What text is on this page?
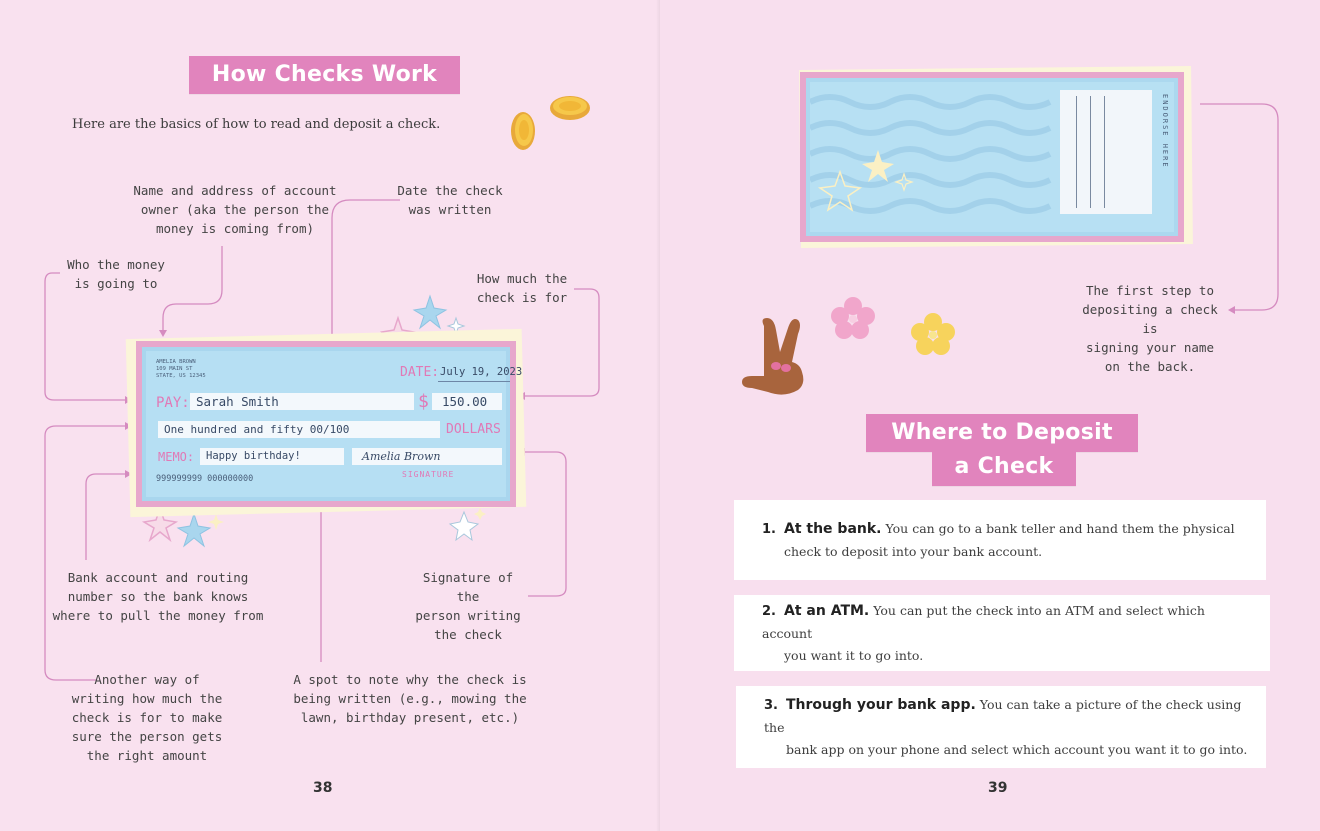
How Checks Work
Here are the basics of how to read and deposit a check.
Name and address of account
owner (aka the person the
money is coming from)
Date the check
was written
Who the money
is going to	How much the
check is for
Bank account and routing
number so the bank knows
where to pull the money from
Signature of the
person writing
the check
Another way of
writing how much the
check is for to make
sure the person gets
the right amount
A spot to note why the check is
being written (e.g., mowing the
lawn, birthday present, etc.)
AMELIA BROWN
109 MAIN ST
STATE, US 12345	DATE: July 19, 2023
PAY: Sarah Smith	$	150.00
One hundred and fifty 00/100	DOLLARS
MEMO:	Happy birthday!	Amelia Brown
SIGNATURE
999999999 000000000
38
ENDORSE HERE
The first step to
depositing a check is
signing your name
on the back.
Where to Deposit
a Check
1. At the bank. You can go to a bank teller and hand them the physical
check to deposit into your bank account.
2. At an ATM. You can put the check into an ATM and select which account
you want it to go into.
3. Through your bank app. You can take a picture of the check using the
bank app on your phone and select which account you want it to go into.
39
